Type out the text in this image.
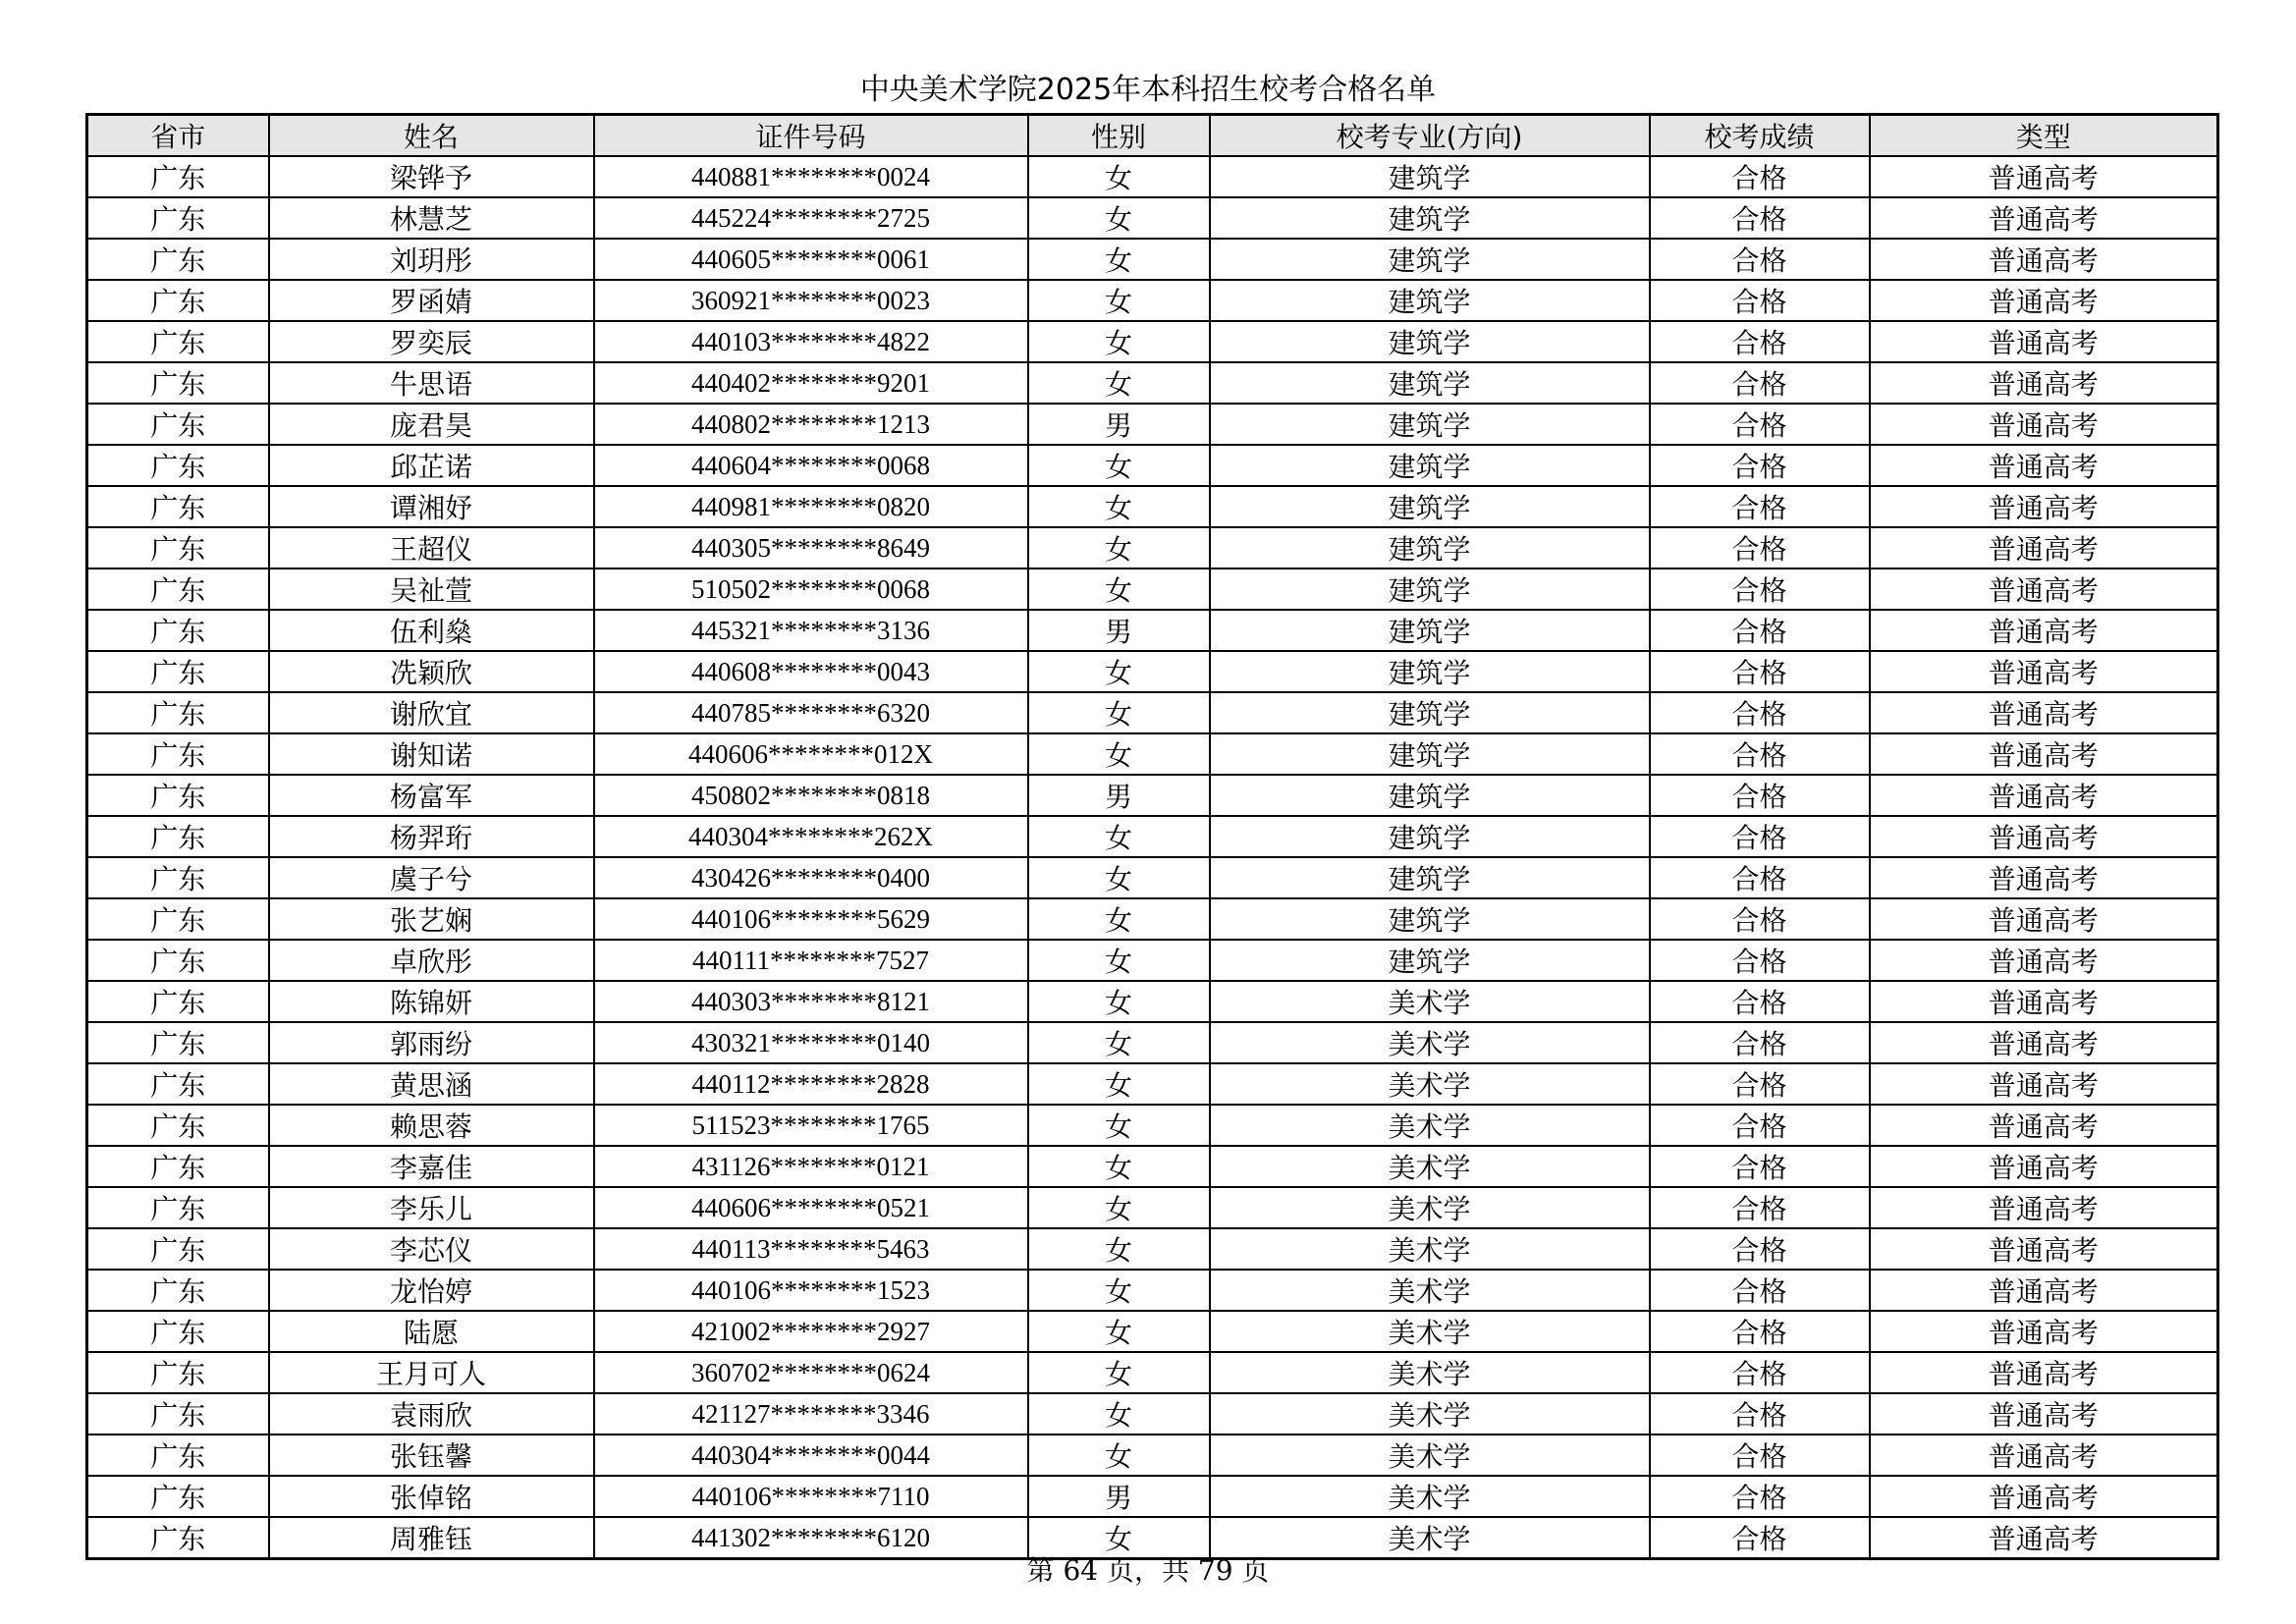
中央美术学院2025年本科招生校考合格名单
省市	姓名	证件号码	性别	校考专业(方向)	校考成绩	类型
广东	梁铧予	440881********0024	女	建筑学	合格	普通高考
广东	林慧芝	445224********2725	女	建筑学	合格	普通高考
广东	刘玥彤	440605********0061	女	建筑学	合格	普通高考
广东	罗函婧	360921********0023	女	建筑学	合格	普通高考
广东	罗奕辰	440103********4822	女	建筑学	合格	普通高考
广东	牛思语	440402********9201	女	建筑学	合格	普通高考
广东	庞君昊	440802********1213	男	建筑学	合格	普通高考
广东	邱芷诺	440604********0068	女	建筑学	合格	普通高考
广东	谭湘妤	440981********0820	女	建筑学	合格	普通高考
广东	王超仪	440305********8649	女	建筑学	合格	普通高考
广东	吴祉萱	510502********0068	女	建筑学	合格	普通高考
广东	伍利燊	445321********3136	男	建筑学	合格	普通高考
广东	冼颖欣	440608********0043	女	建筑学	合格	普通高考
广东	谢欣宜	440785********6320	女	建筑学	合格	普通高考
广东	谢知诺	440606********012X	女	建筑学	合格	普通高考
广东	杨富军	450802********0818	男	建筑学	合格	普通高考
广东	杨羿珩	440304********262X	女	建筑学	合格	普通高考
广东	虞子兮	430426********0400	女	建筑学	合格	普通高考
广东	张艺娴	440106********5629	女	建筑学	合格	普通高考
广东	卓欣彤	440111********7527	女	建筑学	合格	普通高考
广东	陈锦妍	440303********8121	女	美术学	合格	普通高考
广东	郭雨纷	430321********0140	女	美术学	合格	普通高考
广东	黄思涵	440112********2828	女	美术学	合格	普通高考
广东	赖思蓉	511523********1765	女	美术学	合格	普通高考
广东	李嘉佳	431126********0121	女	美术学	合格	普通高考
广东	李乐儿	440606********0521	女	美术学	合格	普通高考
广东	李芯仪	440113********5463	女	美术学	合格	普通高考
广东	龙怡婷	440106********1523	女	美术学	合格	普通高考
广东	陆愿	421002********2927	女	美术学	合格	普通高考
广东	王月可人	360702********0624	女	美术学	合格	普通高考
广东	袁雨欣	421127********3346	女	美术学	合格	普通高考
广东	张钰馨	440304********0044	女	美术学	合格	普通高考
广东	张倬铭	440106********7110	男	美术学	合格	普通高考
广东	周雅钰	441302********6120	女	美术学	合格	普通高考
第 64 页，共 79 页
